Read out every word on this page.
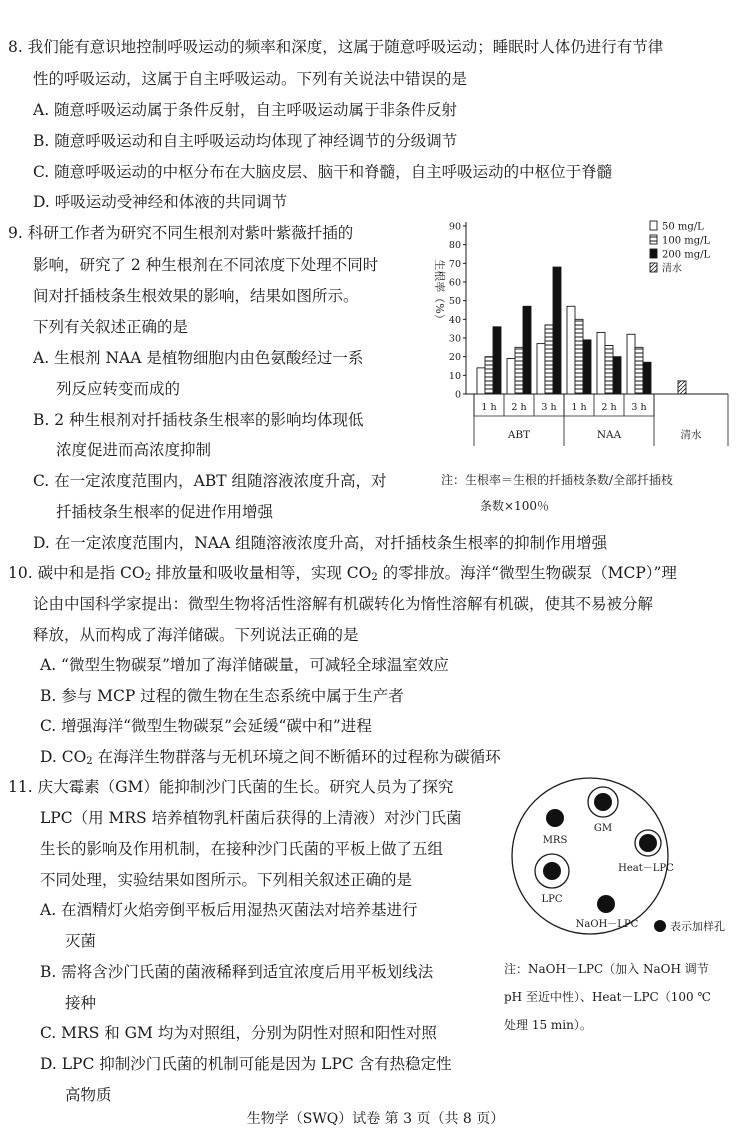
8. 我们能有意识地控制呼吸运动的频率和深度，这属于随意呼吸运动；睡眠时人体仍进行有节律
性的呼吸运动，这属于自主呼吸运动。下列有关说法中错误的是
A. 随意呼吸运动属于条件反射，自主呼吸运动属于非条件反射
B. 随意呼吸运动和自主呼吸运动均体现了神经调节的分级调节
C. 随意呼吸运动的中枢分布在大脑皮层、脑干和脊髓，自主呼吸运动的中枢位于脊髓
D. 呼吸运动受神经和体液的共同调节
9. 科研工作者为研究不同生根剂对紫叶紫薇扦插的
影响，研究了 2 种生根剂在不同浓度下处理不同时
间对扦插枝条生根效果的影响，结果如图所示。
下列有关叙述正确的是
A. 生根剂 NAA 是植物细胞内由色氨酸经过一系
列反应转变而成的
B. 2 种生根剂对扦插枝条生根率的影响均体现低
浓度促进而高浓度抑制
C. 在一定浓度范围内，ABT 组随溶液浓度升高，对
扦插枝条生根率的促进作用增强
D. 在一定浓度范围内，NAA 组随溶液浓度升高，对扦插枝条生根率的抑制作用增强
生根率（%）
0
10
20
30
40
50
60
70
80
90
1 h 2 h 3 h 1 h 2 h 3 h
ABT	NAA	清水
50 mg/L
100 mg/L
200 mg/L
清水
注：生根率＝生根的扦插枝条数/全部扦插枝
条数×100％
10. 碳中和是指 $CO_2$ 排放量和吸收量相等，实现 $CO_2$ 的零排放。海洋“微型生物碳泵（MCP）”理
论由中国科学家提出：微型生物将活性溶解有机碳转化为惰性溶解有机碳，使其不易被分解
释放，从而构成了海洋储碳。下列说法正确的是
A. “微型生物碳泵”增加了海洋储碳量，可减轻全球温室效应
B. 参与 MCP 过程的微生物在生态系统中属于生产者
C. 增强海洋“微型生物碳泵”会延缓“碳中和”进程
D. $CO_2$ 在海洋生物群落与无机环境之间不断循环的过程称为碳循环
11. 庆大霉素（GM）能抑制沙门氏菌的生长。研究人员为了探究
LPC（用 MRS 培养植物乳杆菌后获得的上清液）对沙门氏菌
生长的影响及作用机制，在接种沙门氏菌的平板上做了五组
不同处理，实验结果如图所示。下列相关叙述正确的是
A. 在酒精灯火焰旁倒平板后用湿热灭菌法对培养基进行
灭菌
B. 需将含沙门氏菌的菌液稀释到适宜浓度后用平板划线法
接种
C. MRS 和 GM 均为对照组，分别为阴性对照和阳性对照
D. LPC 抑制沙门氏菌的机制可能是因为 LPC 含有热稳定性
高物质
MRS
GM
Heat－LPC
LPC
NaOH－LPC	表示加样孔
注：NaOH－LPC（加入 NaOH 调节
pH 至近中性）、Heat－LPC（100 ℃
处理 15 min）。
生物学（SWQ）试卷 第 3 页（共 8 页）
